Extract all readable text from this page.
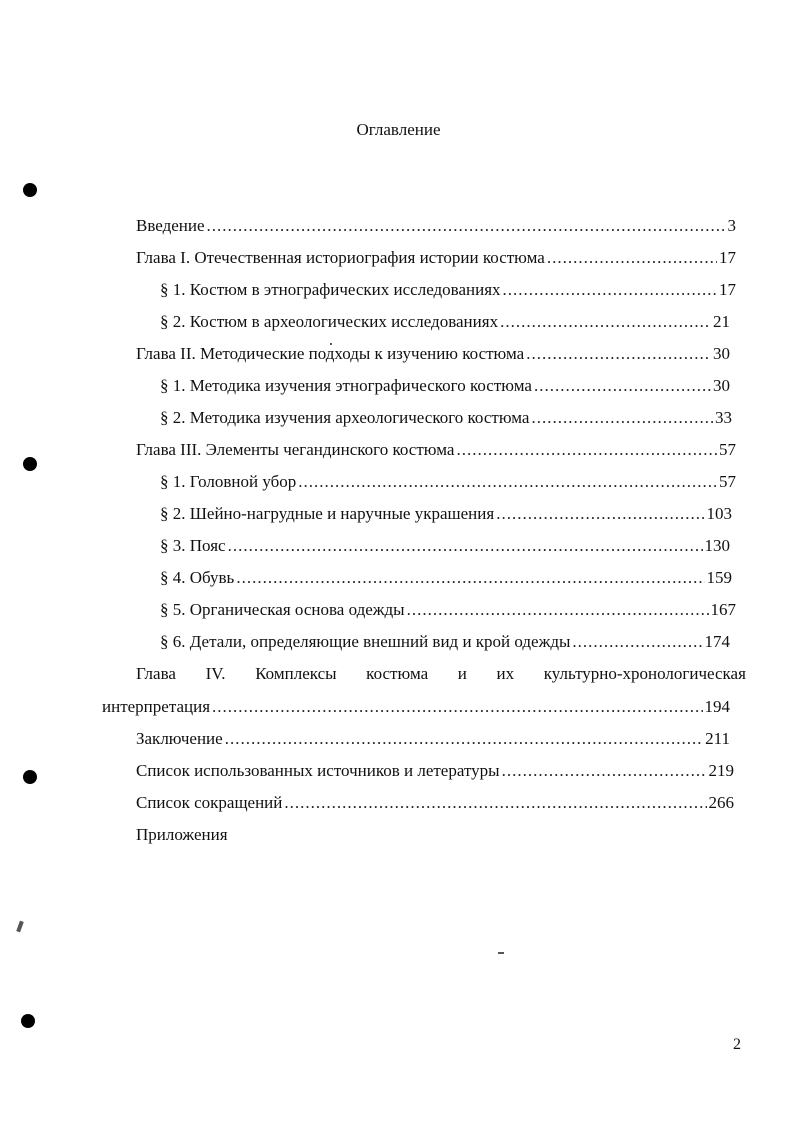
Оглавление
Введение .....	3
Глава I. Отечественная историография истории костюма .....	17
§ 1. Костюм в этнографических исследованиях .....	17
§ 2. Костюм в археологических исследованиях .....	21
Глава II. Методические подходы к изучению костюма .....	30
§ 1. Методика изучения этнографического костюма .....	30
§ 2. Методика изучения археологического костюма .....	33
Глава III. Элементы чегандинского костюма .....	57
§ 1. Головной убор .....	57
§ 2. Шейно-нагрудные и наручные украшения .....	103
§ 3. Пояс .....	130
§ 4. Обувь .....	159
§ 5. Органическая основа одежды .....	167
§ 6. Детали, определяющие внешний вид и крой одежды .....	174
Глава IV. Комплексы костюма и их культурно-хронологическая
интерпретация .....	194
Заключение .....	211
Список использованных источников и летературы .....	219
Список сокращений .....	266
Приложения
2
